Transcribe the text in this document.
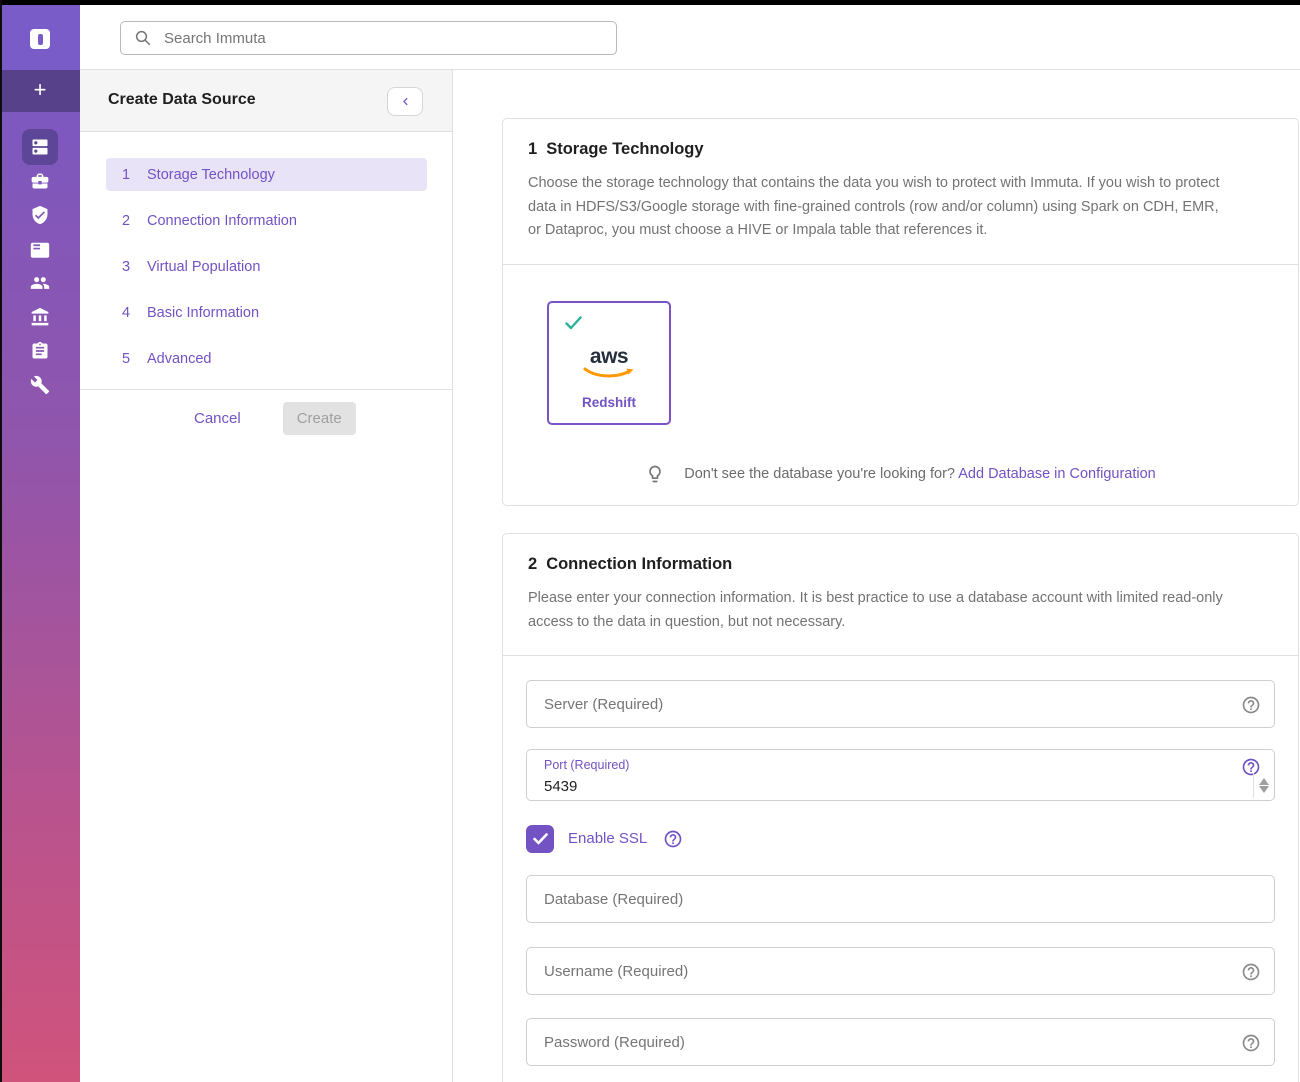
+
Search Immuta	Create Data Source
1 Storage Technology
2 Connection Information
3 Virtual Population
4 Basic Information
5 Advanced
Cancel	Create
1 Storage Technology
Choose the storage technology that contains the data you wish to protect with Immuta. If you wish to protect data in HDFS/S3/Google storage with fine-grained controls (row and/or column) using Spark on CDH, EMR, or Dataproc, you must choose a HIVE or Impala table that references it.
aws
Redshift
Don't see the database you're looking for? Add Database in Configuration
2 Connection Information
Please enter your connection information. It is best practice to use a database account with limited read-only access to the data in question, but not necessary.
Server (Required)
Port (Required)
5439
Enable SSL
Database (Required)
Username (Required)
Password (Required)
